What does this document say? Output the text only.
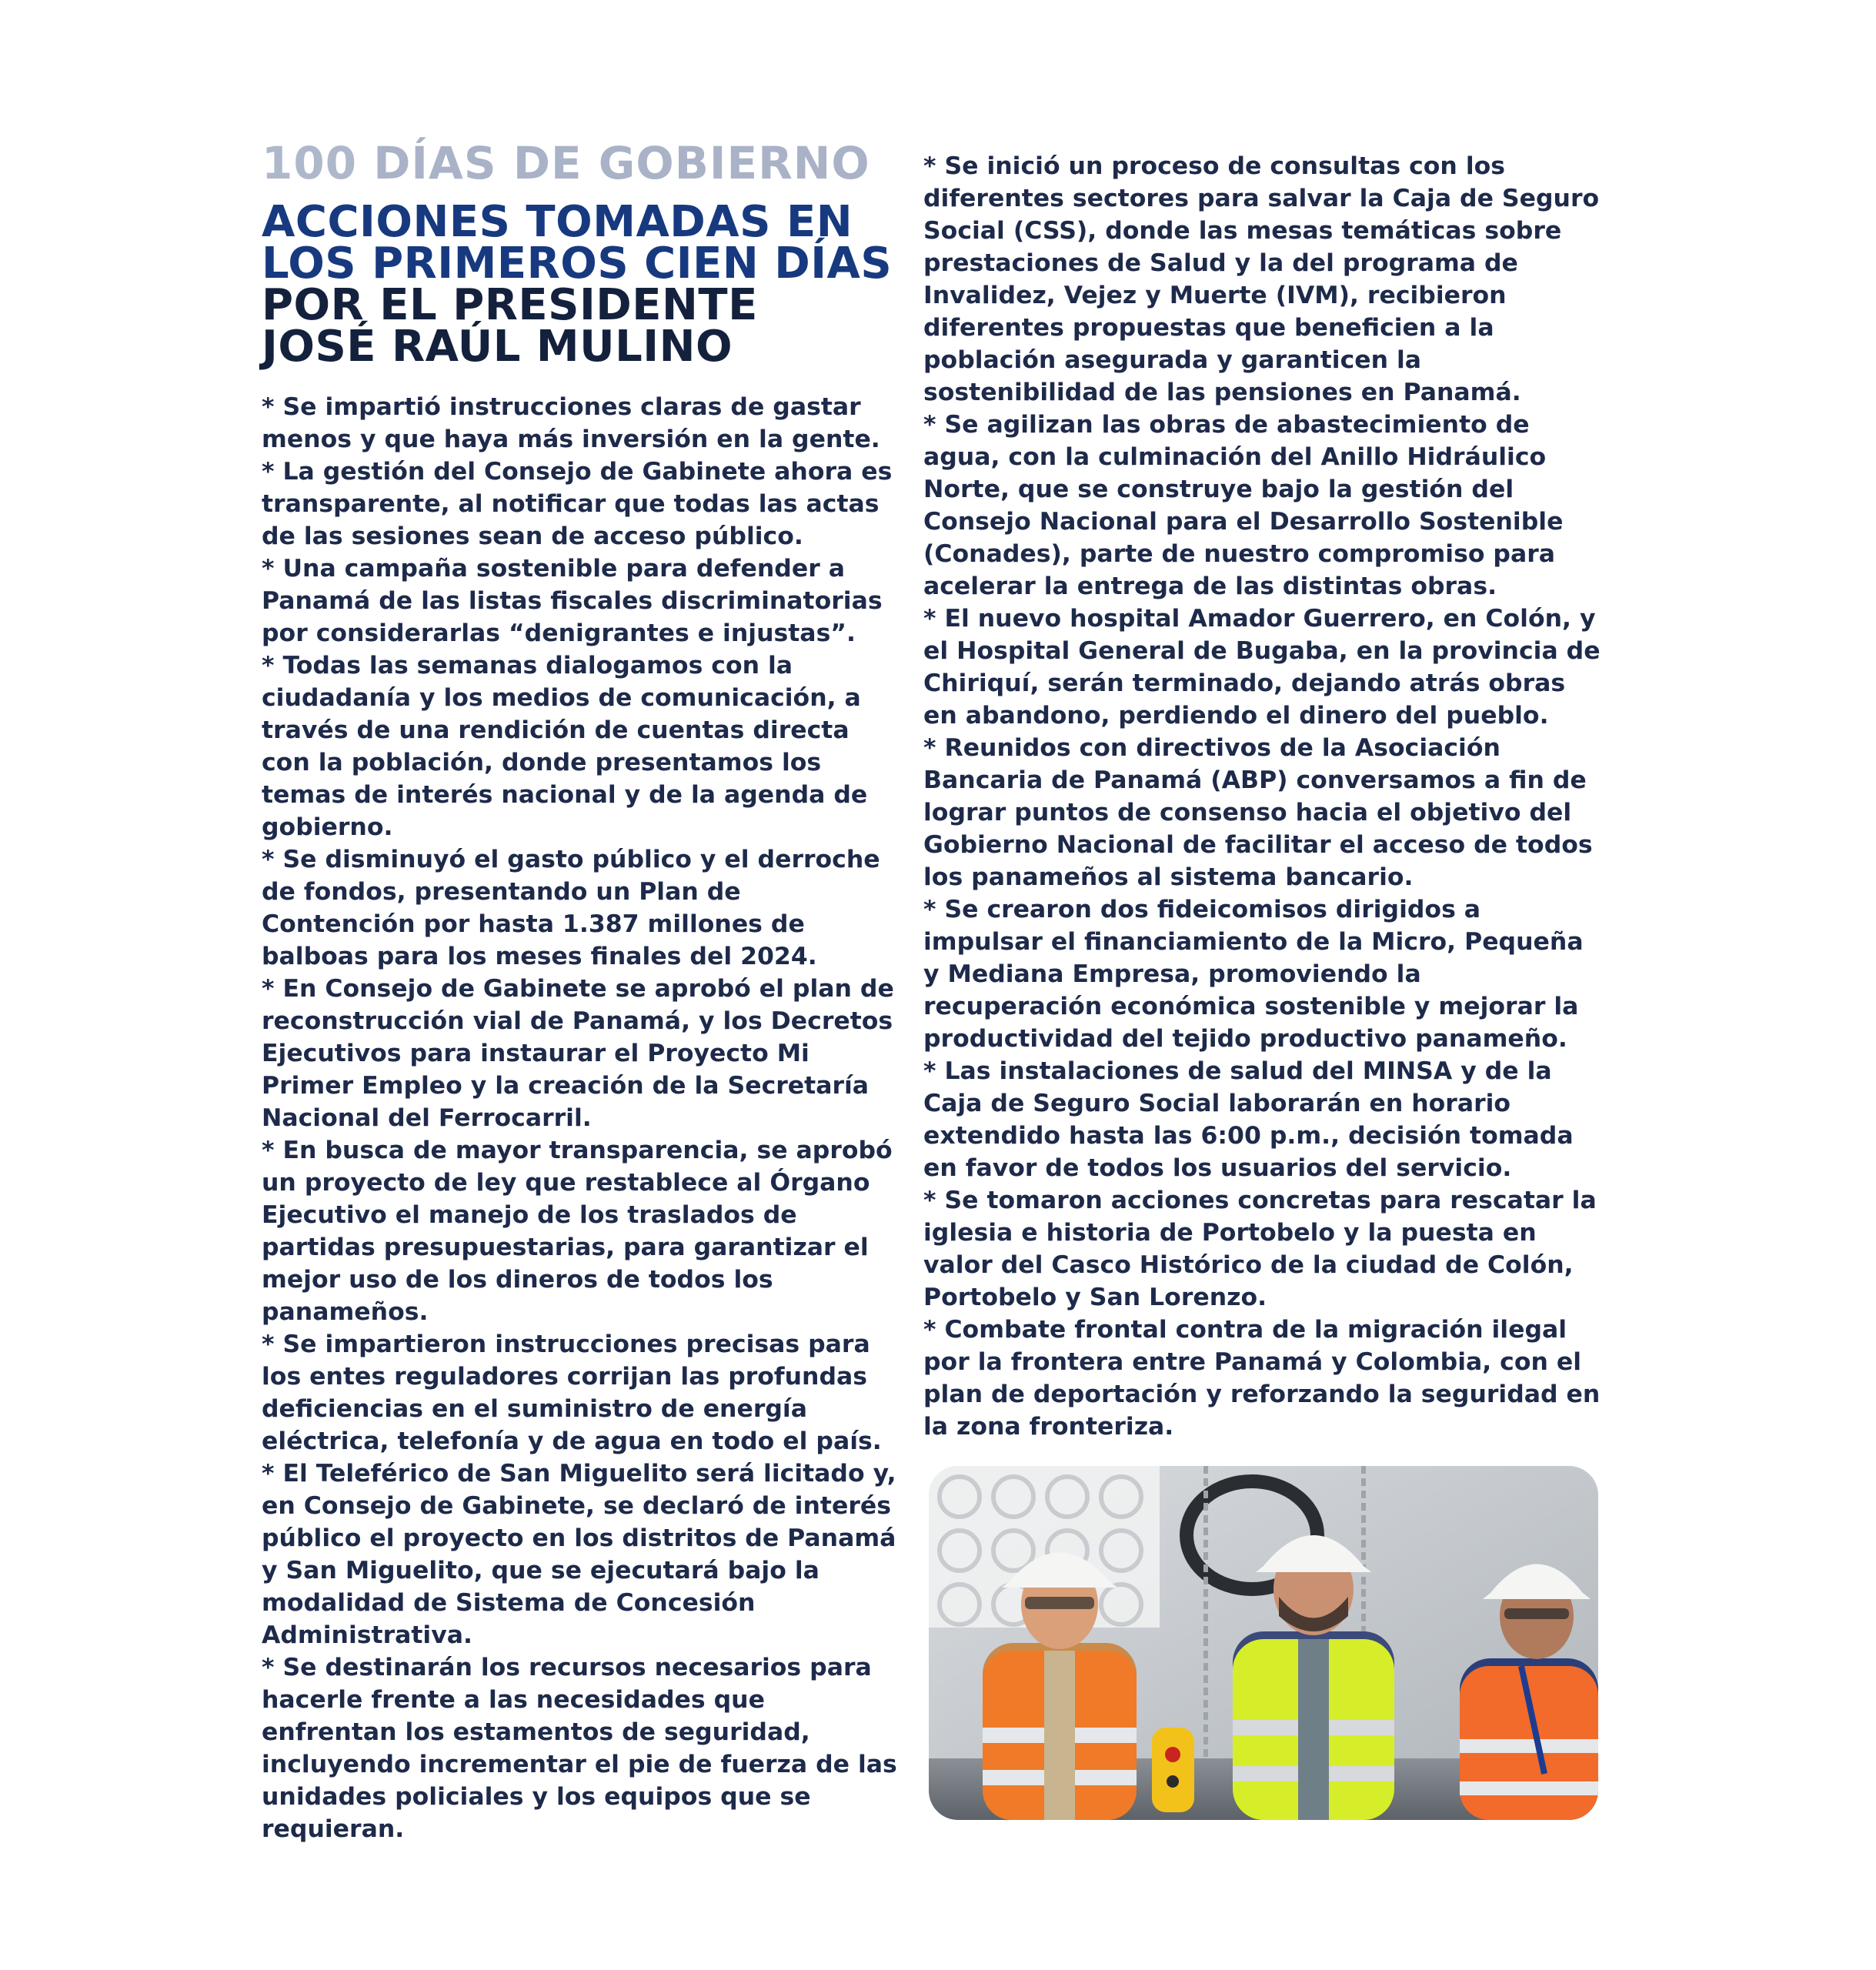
100 DÍAS DE GOBIERNO
ACCIONES TOMADAS EN
LOS PRIMEROS CIEN DÍAS
POR EL PRESIDENTE
JOSÉ RAÚL MULINO
* Se impartió instrucciones claras de gastar menos y que haya más inversión en la gente.
* La gestión del Consejo de Gabinete ahora es transparente, al notificar que todas las actas de las sesiones sean de acceso público.
* Una campaña sostenible para defender a Panamá de las listas fiscales discriminatorias por considerarlas “denigrantes e injustas”.
* Todas las semanas dialogamos con la ciudadanía y los medios de comunicación, a través de una rendición de cuentas directa con la población, donde presentamos los temas de interés nacional y de la agenda de gobierno.
* Se disminuyó el gasto público y el derroche de fondos, presentando un Plan de Contención por hasta 1.387 millones de balboas para los meses finales del 2024.
* En Consejo de Gabinete se aprobó el plan de reconstrucción vial de Panamá, y los Decretos Ejecutivos para instaurar el Proyecto Mi Primer Empleo y la creación de la Secretaría Nacional del Ferrocarril.
* En busca de mayor transparencia, se aprobó un proyecto de ley que restablece al Órgano Ejecutivo el manejo de los traslados de partidas presupuestarias, para garantizar el mejor uso de los dineros de todos los panameños.
* Se impartieron instrucciones precisas para los entes reguladores corrijan las profundas deficiencias en el suministro de energía eléctrica, telefonía y de agua en todo el país.
* El Teleférico de San Miguelito será licitado y, en Consejo de Gabinete, se declaró de interés público el proyecto en los distritos de Panamá y San Miguelito, que se ejecutará bajo la modalidad de Sistema de Concesión Administrativa.
* Se destinarán los recursos necesarios para hacerle frente a las necesidades que enfrentan los estamentos de seguridad, incluyendo incrementar el pie de fuerza de las unidades policiales y los equipos que se requieran.
* Se inició un proceso de consultas con los diferentes sectores para salvar la Caja de Seguro Social (CSS), donde las mesas temáticas sobre prestaciones de Salud y la del programa de Invalidez, Vejez y Muerte (IVM), recibieron diferentes propuestas que beneficien a la población asegurada y garanticen la sostenibilidad de las pensiones en Panamá.
* Se agilizan las obras de abastecimiento de agua, con la culminación del Anillo Hidráulico Norte, que se construye bajo la gestión del Consejo Nacional para el Desarrollo Sostenible (Conades), parte de nuestro compromiso para acelerar la entrega de las distintas obras.
* El nuevo hospital Amador Guerrero, en Colón, y el Hospital General de Bugaba, en la provincia de Chiriquí, serán terminado, dejando atrás obras en abandono, perdiendo el dinero del pueblo.
* Reunidos con directivos de la Asociación Bancaria de Panamá (ABP) conversamos a fin de lograr puntos de consenso hacia el objetivo del Gobierno Nacional de facilitar el acceso de todos los panameños al sistema bancario.
* Se crearon dos fideicomisos dirigidos a impulsar el financiamiento de la Micro, Pequeña y Mediana Empresa, promoviendo la recuperación económica sostenible y mejorar la productividad del tejido productivo panameño.
* Las instalaciones de salud del MINSA y de la Caja de Seguro Social laborarán en horario extendido hasta las 6:00 p.m., decisión tomada en favor de todos los usuarios del servicio.
* Se tomaron acciones concretas para rescatar la iglesia e historia de Portobelo y la puesta en valor del Casco Histórico de la ciudad de Colón, Portobelo y San Lorenzo.
* Combate frontal contra de la migración ilegal por la frontera entre Panamá y Colombia, con el plan de deportación y reforzando la seguridad en la zona fronteriza.
